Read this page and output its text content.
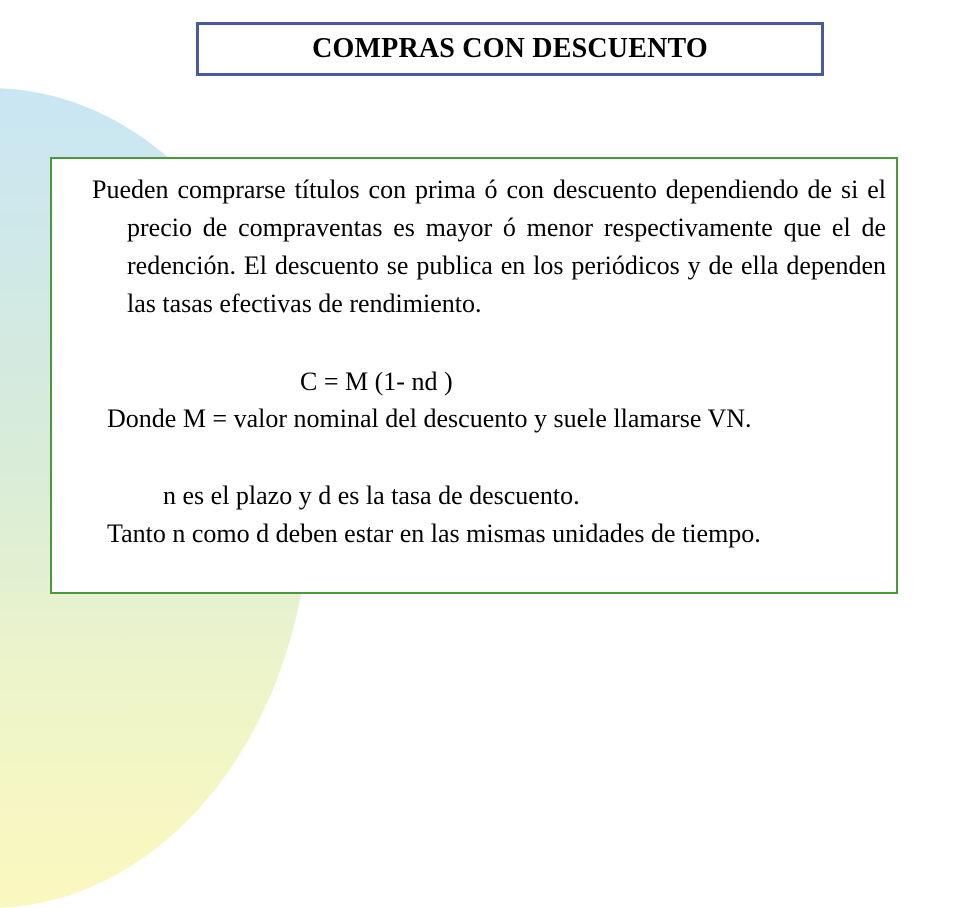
COMPRAS CON DESCUENTO
Pueden comprarse títulos con prima ó con descuento dependiendo de si el precio de compraventas es mayor ó menor respectivamente que el de redención. El descuento se publica en los periódicos y de ella dependen las tasas efectivas de rendimiento.
C = M (1- nd )
Donde M = valor nominal del descuento y suele llamarse VN.
n es el plazo y d es la tasa de descuento.
Tanto n como d deben estar en las mismas unidades de tiempo.
